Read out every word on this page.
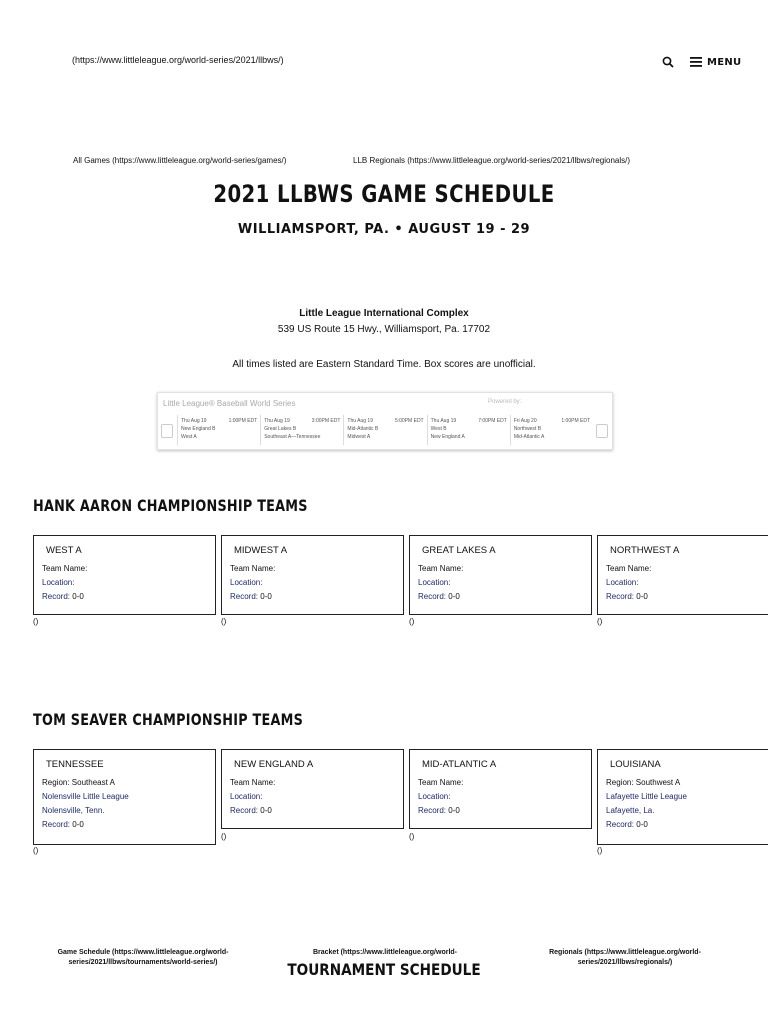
(https://www.littleleague.org/world-series/2021/llbws/)	MENU
All Games (https://www.littleleague.org/world-series/games/)	LLB Regionals (https://www.littleleague.org/world-series/2021/llbws/regionals/)
2021 LLBWS GAME SCHEDULE
WILLIAMSPORT, PA. • AUGUST 19 - 29
Little League International Complex
539 US Route 15 Hwy., Williamsport, Pa. 17702
All times listed are Eastern Standard Time. Box scores are unofficial.
Little League® Baseball World Series	Powered by:
Thu Aug 19	1:00PM EDT
New England B
West A
Thu Aug 19	3:00PM EDT
Great Lakes B
Southeast A—Tennessee
Thu Aug 19	5:00PM EDT
Mid-Atlantic B
Midwest A
Thu Aug 19	7:00PM EDT
West B
New England A
Fri Aug 20	1:00PM EDT
Northwest B
Mid-Atlantic A
HANK AARON CHAMPIONSHIP TEAMS
WEST A
Team Name:
Location:
Record: 0-0
()
MIDWEST A
Team Name:
Location:
Record: 0-0
()
GREAT LAKES A
Team Name:
Location:
Record: 0-0
()
NORTHWEST A
Team Name:
Location:
Record: 0-0
()
TOM SEAVER CHAMPIONSHIP TEAMS
TENNESSEE
Region: Southeast A
Nolensville Little League
Nolensville, Tenn.
Record: 0-0
()
NEW ENGLAND A
Team Name:
Location:
Record: 0-0
()
MID-ATLANTIC A
Team Name:
Location:
Record: 0-0
()
LOUISIANA
Region: Southwest A
Lafayette Little League
Lafayette, La.
Record: 0-0
()
Game Schedule (https://www.littleleague.org/world-series/2021/llbws/tournaments/world-series/)
Bracket (https://www.littleleague.org/world-	Regionals (https://www.littleleague.org/world-series/2021/llbws/regionals/)
TOURNAMENT SCHEDULE
